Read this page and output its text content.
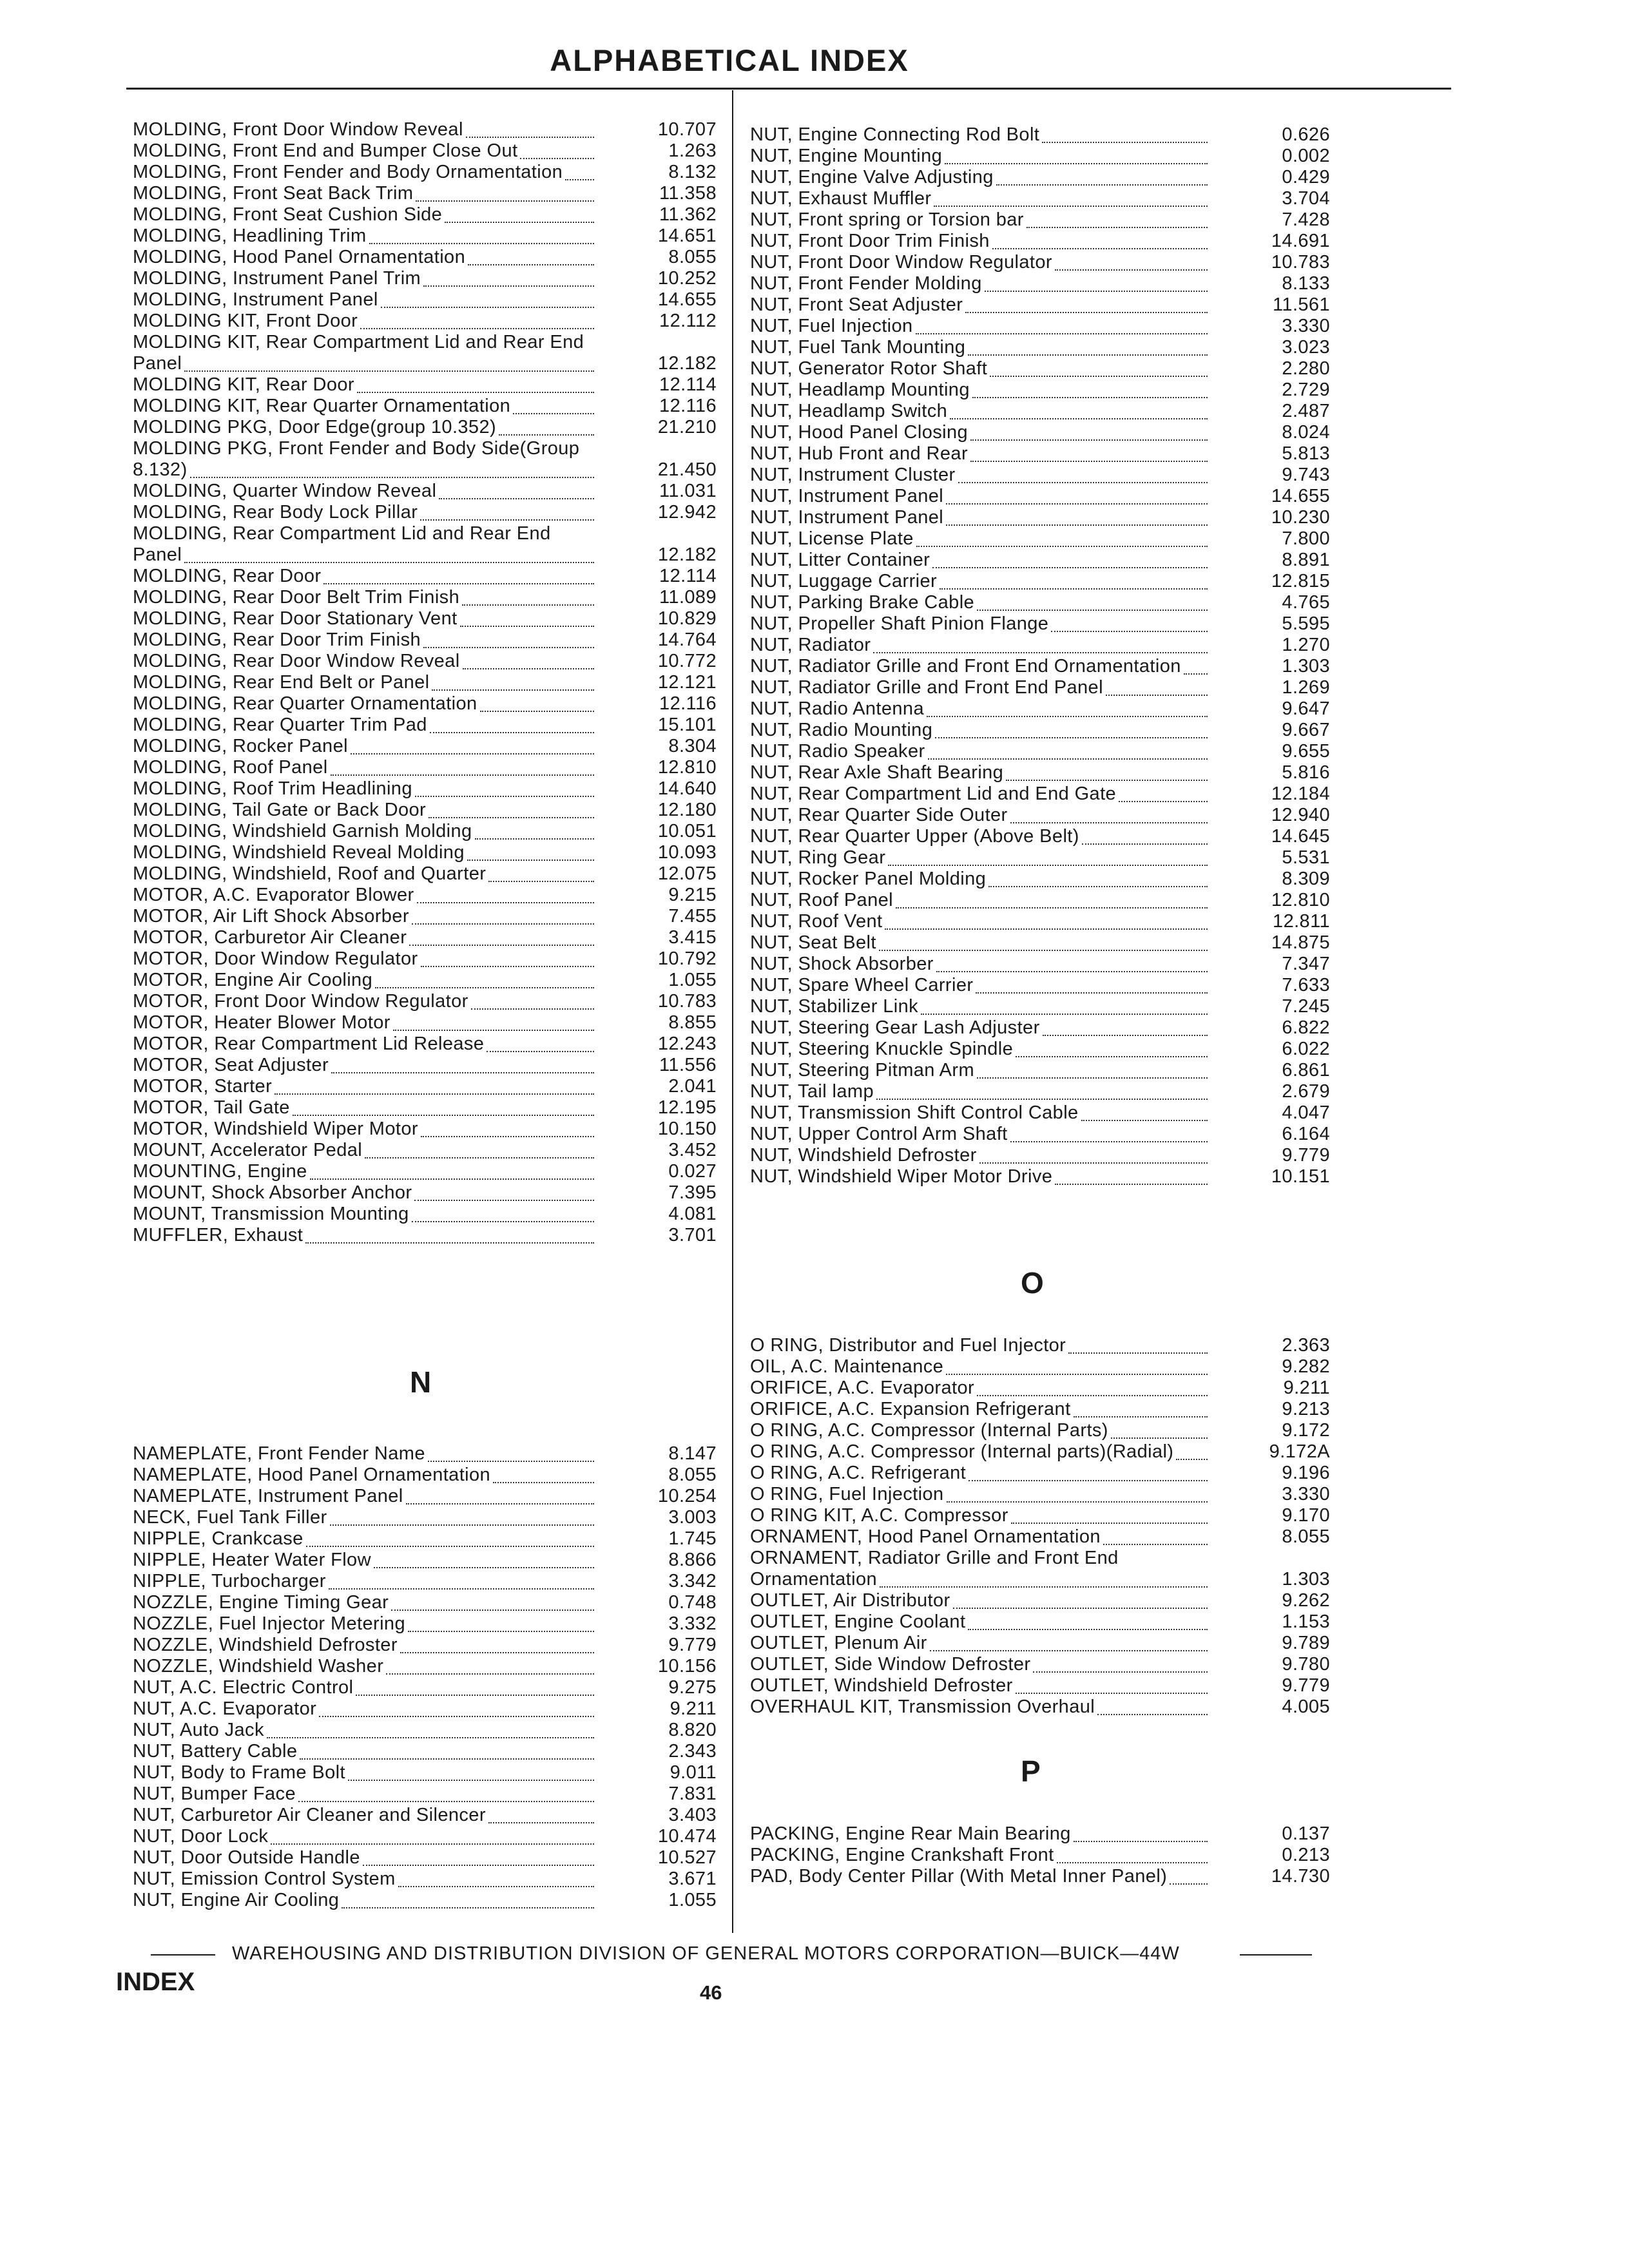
ALPHABETICAL INDEX
MOLDING, Front Door Window Reveal	10.707
MOLDING, Front End and Bumper Close Out	1.263
MOLDING, Front Fender and Body Ornamentation	8.132
MOLDING, Front Seat Back Trim	11.358
MOLDING, Front Seat Cushion Side	11.362
MOLDING, Headlining Trim	14.651
MOLDING, Hood Panel Ornamentation	8.055
MOLDING, Instrument Panel Trim	10.252
MOLDING, Instrument Panel	14.655
MOLDING KIT, Front Door	12.112
MOLDING KIT, Rear Compartment Lid and Rear End Panel	12.182
MOLDING KIT, Rear Door	12.114
MOLDING KIT, Rear Quarter Ornamentation	12.116
MOLDING PKG, Door Edge(group 10.352)	21.210
MOLDING PKG, Front Fender and Body Side(Group 8.132)	21.450
MOLDING, Quarter Window Reveal	11.031
MOLDING, Rear Body Lock Pillar	12.942
MOLDING, Rear Compartment Lid and Rear End Panel	12.182
MOLDING, Rear Door	12.114
MOLDING, Rear Door Belt Trim Finish	11.089
MOLDING, Rear Door Stationary Vent	10.829
MOLDING, Rear Door Trim Finish	14.764
MOLDING, Rear Door Window Reveal	10.772
MOLDING, Rear End Belt or Panel	12.121
MOLDING, Rear Quarter Ornamentation	12.116
MOLDING, Rear Quarter Trim Pad	15.101
MOLDING, Rocker Panel	8.304
MOLDING, Roof Panel	12.810
MOLDING, Roof Trim Headlining	14.640
MOLDING, Tail Gate or Back Door	12.180
MOLDING, Windshield Garnish Molding	10.051
MOLDING, Windshield Reveal Molding	10.093
MOLDING, Windshield, Roof and Quarter	12.075
MOTOR, A.C. Evaporator Blower	9.215
MOTOR, Air Lift Shock Absorber	7.455
MOTOR, Carburetor Air Cleaner	3.415
MOTOR, Door Window Regulator	10.792
MOTOR, Engine Air Cooling	1.055
MOTOR, Front Door Window Regulator	10.783
MOTOR, Heater Blower Motor	8.855
MOTOR, Rear Compartment Lid Release	12.243
MOTOR, Seat Adjuster	11.556
MOTOR, Starter	2.041
MOTOR, Tail Gate	12.195
MOTOR, Windshield Wiper Motor	10.150
MOUNT, Accelerator Pedal	3.452
MOUNTING, Engine	0.027
MOUNT, Shock Absorber Anchor	7.395
MOUNT, Transmission Mounting	4.081
MUFFLER, Exhaust	3.701
N
NAMEPLATE, Front Fender Name	8.147
NAMEPLATE, Hood Panel Ornamentation	8.055
NAMEPLATE, Instrument Panel	10.254
NECK, Fuel Tank Filler	3.003
NIPPLE, Crankcase	1.745
NIPPLE, Heater Water Flow	8.866
NIPPLE, Turbocharger	3.342
NOZZLE, Engine Timing Gear	0.748
NOZZLE, Fuel Injector Metering	3.332
NOZZLE, Windshield Defroster	9.779
NOZZLE, Windshield Washer	10.156
NUT, A.C. Electric Control	9.275
NUT, A.C. Evaporator	9.211
NUT, Auto Jack	8.820
NUT, Battery Cable	2.343
NUT, Body to Frame Bolt	9.011
NUT, Bumper Face	7.831
NUT, Carburetor Air Cleaner and Silencer	3.403
NUT, Door Lock	10.474
NUT, Door Outside Handle	10.527
NUT, Emission Control System	3.671
NUT, Engine Air Cooling	1.055
NUT, Engine Connecting Rod Bolt	0.626
NUT, Engine Mounting	0.002
NUT, Engine Valve Adjusting	0.429
NUT, Exhaust Muffler	3.704
NUT, Front spring or Torsion bar	7.428
NUT, Front Door Trim Finish	14.691
NUT, Front Door Window Regulator	10.783
NUT, Front Fender Molding	8.133
NUT, Front Seat Adjuster	11.561
NUT, Fuel Injection	3.330
NUT, Fuel Tank Mounting	3.023
NUT, Generator Rotor Shaft	2.280
NUT, Headlamp Mounting	2.729
NUT, Headlamp Switch	2.487
NUT, Hood Panel Closing	8.024
NUT, Hub Front and Rear	5.813
NUT, Instrument Cluster	9.743
NUT, Instrument Panel	14.655
NUT, Instrument Panel	10.230
NUT, License Plate	7.800
NUT, Litter Container	8.891
NUT, Luggage Carrier	12.815
NUT, Parking Brake Cable	4.765
NUT, Propeller Shaft Pinion Flange	5.595
NUT, Radiator	1.270
NUT, Radiator Grille and Front End Ornamentation	1.303
NUT, Radiator Grille and Front End Panel	1.269
NUT, Radio Antenna	9.647
NUT, Radio Mounting	9.667
NUT, Radio Speaker	9.655
NUT, Rear Axle Shaft Bearing	5.816
NUT, Rear Compartment Lid and End Gate	12.184
NUT, Rear Quarter Side Outer	12.940
NUT, Rear Quarter Upper (Above Belt)	14.645
NUT, Ring Gear	5.531
NUT, Rocker Panel Molding	8.309
NUT, Roof Panel	12.810
NUT, Roof Vent	12.811
NUT, Seat Belt	14.875
NUT, Shock Absorber	7.347
NUT, Spare Wheel Carrier	7.633
NUT, Stabilizer Link	7.245
NUT, Steering Gear Lash Adjuster	6.822
NUT, Steering Knuckle Spindle	6.022
NUT, Steering Pitman Arm	6.861
NUT, Tail lamp	2.679
NUT, Transmission Shift Control Cable	4.047
NUT, Upper Control Arm Shaft	6.164
NUT, Windshield Defroster	9.779
NUT, Windshield Wiper Motor Drive	10.151
O
O RING, Distributor and Fuel Injector	2.363
OIL, A.C. Maintenance	9.282
ORIFICE, A.C. Evaporator	9.211
ORIFICE, A.C. Expansion Refrigerant	9.213
O RING, A.C. Compressor (Internal Parts)	9.172
O RING, A.C. Compressor (Internal parts)(Radial)	9.172A
O RING, A.C. Refrigerant	9.196
O RING, Fuel Injection	3.330
O RING KIT, A.C. Compressor	9.170
ORNAMENT, Hood Panel Ornamentation	8.055
ORNAMENT, Radiator Grille and Front End Ornamentation	1.303
OUTLET, Air Distributor	9.262
OUTLET, Engine Coolant	1.153
OUTLET, Plenum Air	9.789
OUTLET, Side Window Defroster	9.780
OUTLET, Windshield Defroster	9.779
OVERHAUL KIT, Transmission Overhaul	4.005
P
PACKING, Engine Rear Main Bearing	0.137
PACKING, Engine Crankshaft Front	0.213
PAD, Body Center Pillar (With Metal Inner Panel)	14.730
WAREHOUSING AND DISTRIBUTION DIVISION OF GENERAL MOTORS CORPORATION—BUICK—44W
INDEX	46
